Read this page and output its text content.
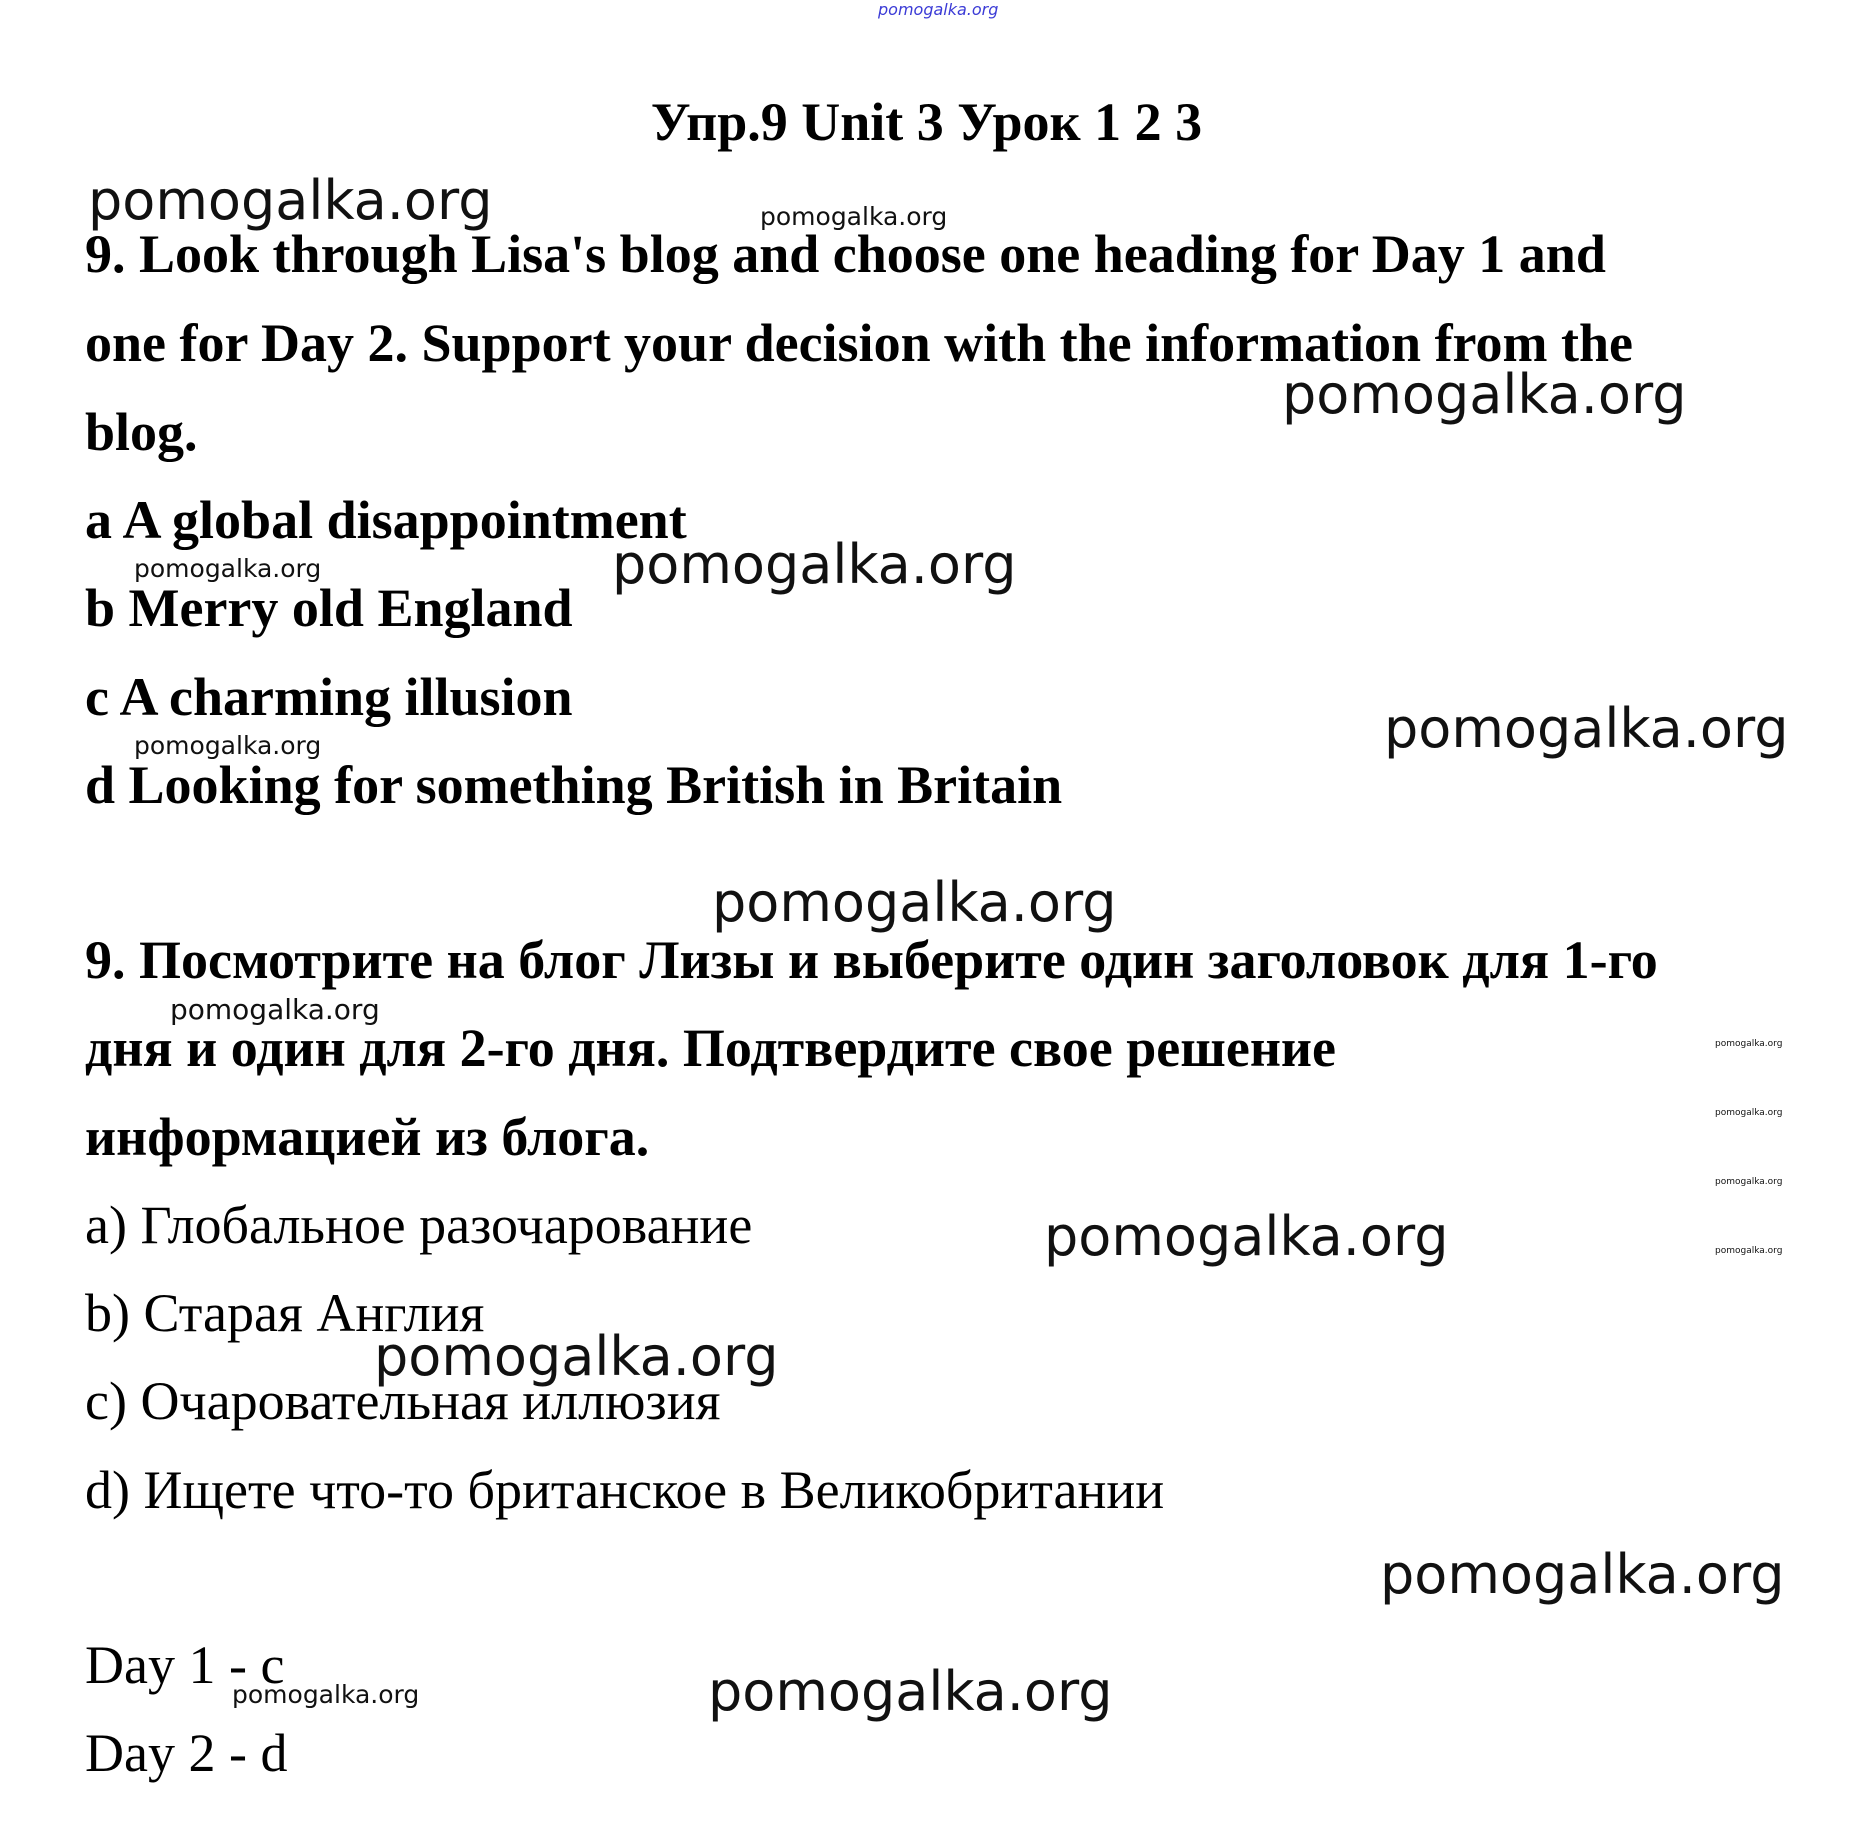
Упр.9 Unit 3 Урок 1 2 3
9. Look through Lisa's blog and choose one heading for Day 1 and
one for Day 2. Support your decision with the information from the
blog.
a A global disappointment
b Merry old England
c A charming illusion
d Looking for something British in Britain
9. Посмотрите на блог Лизы и выберите один заголовок для 1-го
дня и один для 2-го дня. Подтвердите свое решение
информацией из блога.
a) Глобальное разочарование
b) Старая Англия
c) Очаровательная иллюзия
d) Ищете что-то британское в Великобритании
Day 1 - c
Day 2 - d
pomogalka.org
pomogalka.org	pomogalka.org
pomogalka.org
pomogalka.org	pomogalka.org
pomogalka.org	pomogalka.org
pomogalka.org
pomogalka.org
pomogalka.org
pomogalka.org
pomogalka.org
pomogalka.org
pomogalka.org
pomogalka.org
pomogalka.org
pomogalka.org	pomogalka.org
